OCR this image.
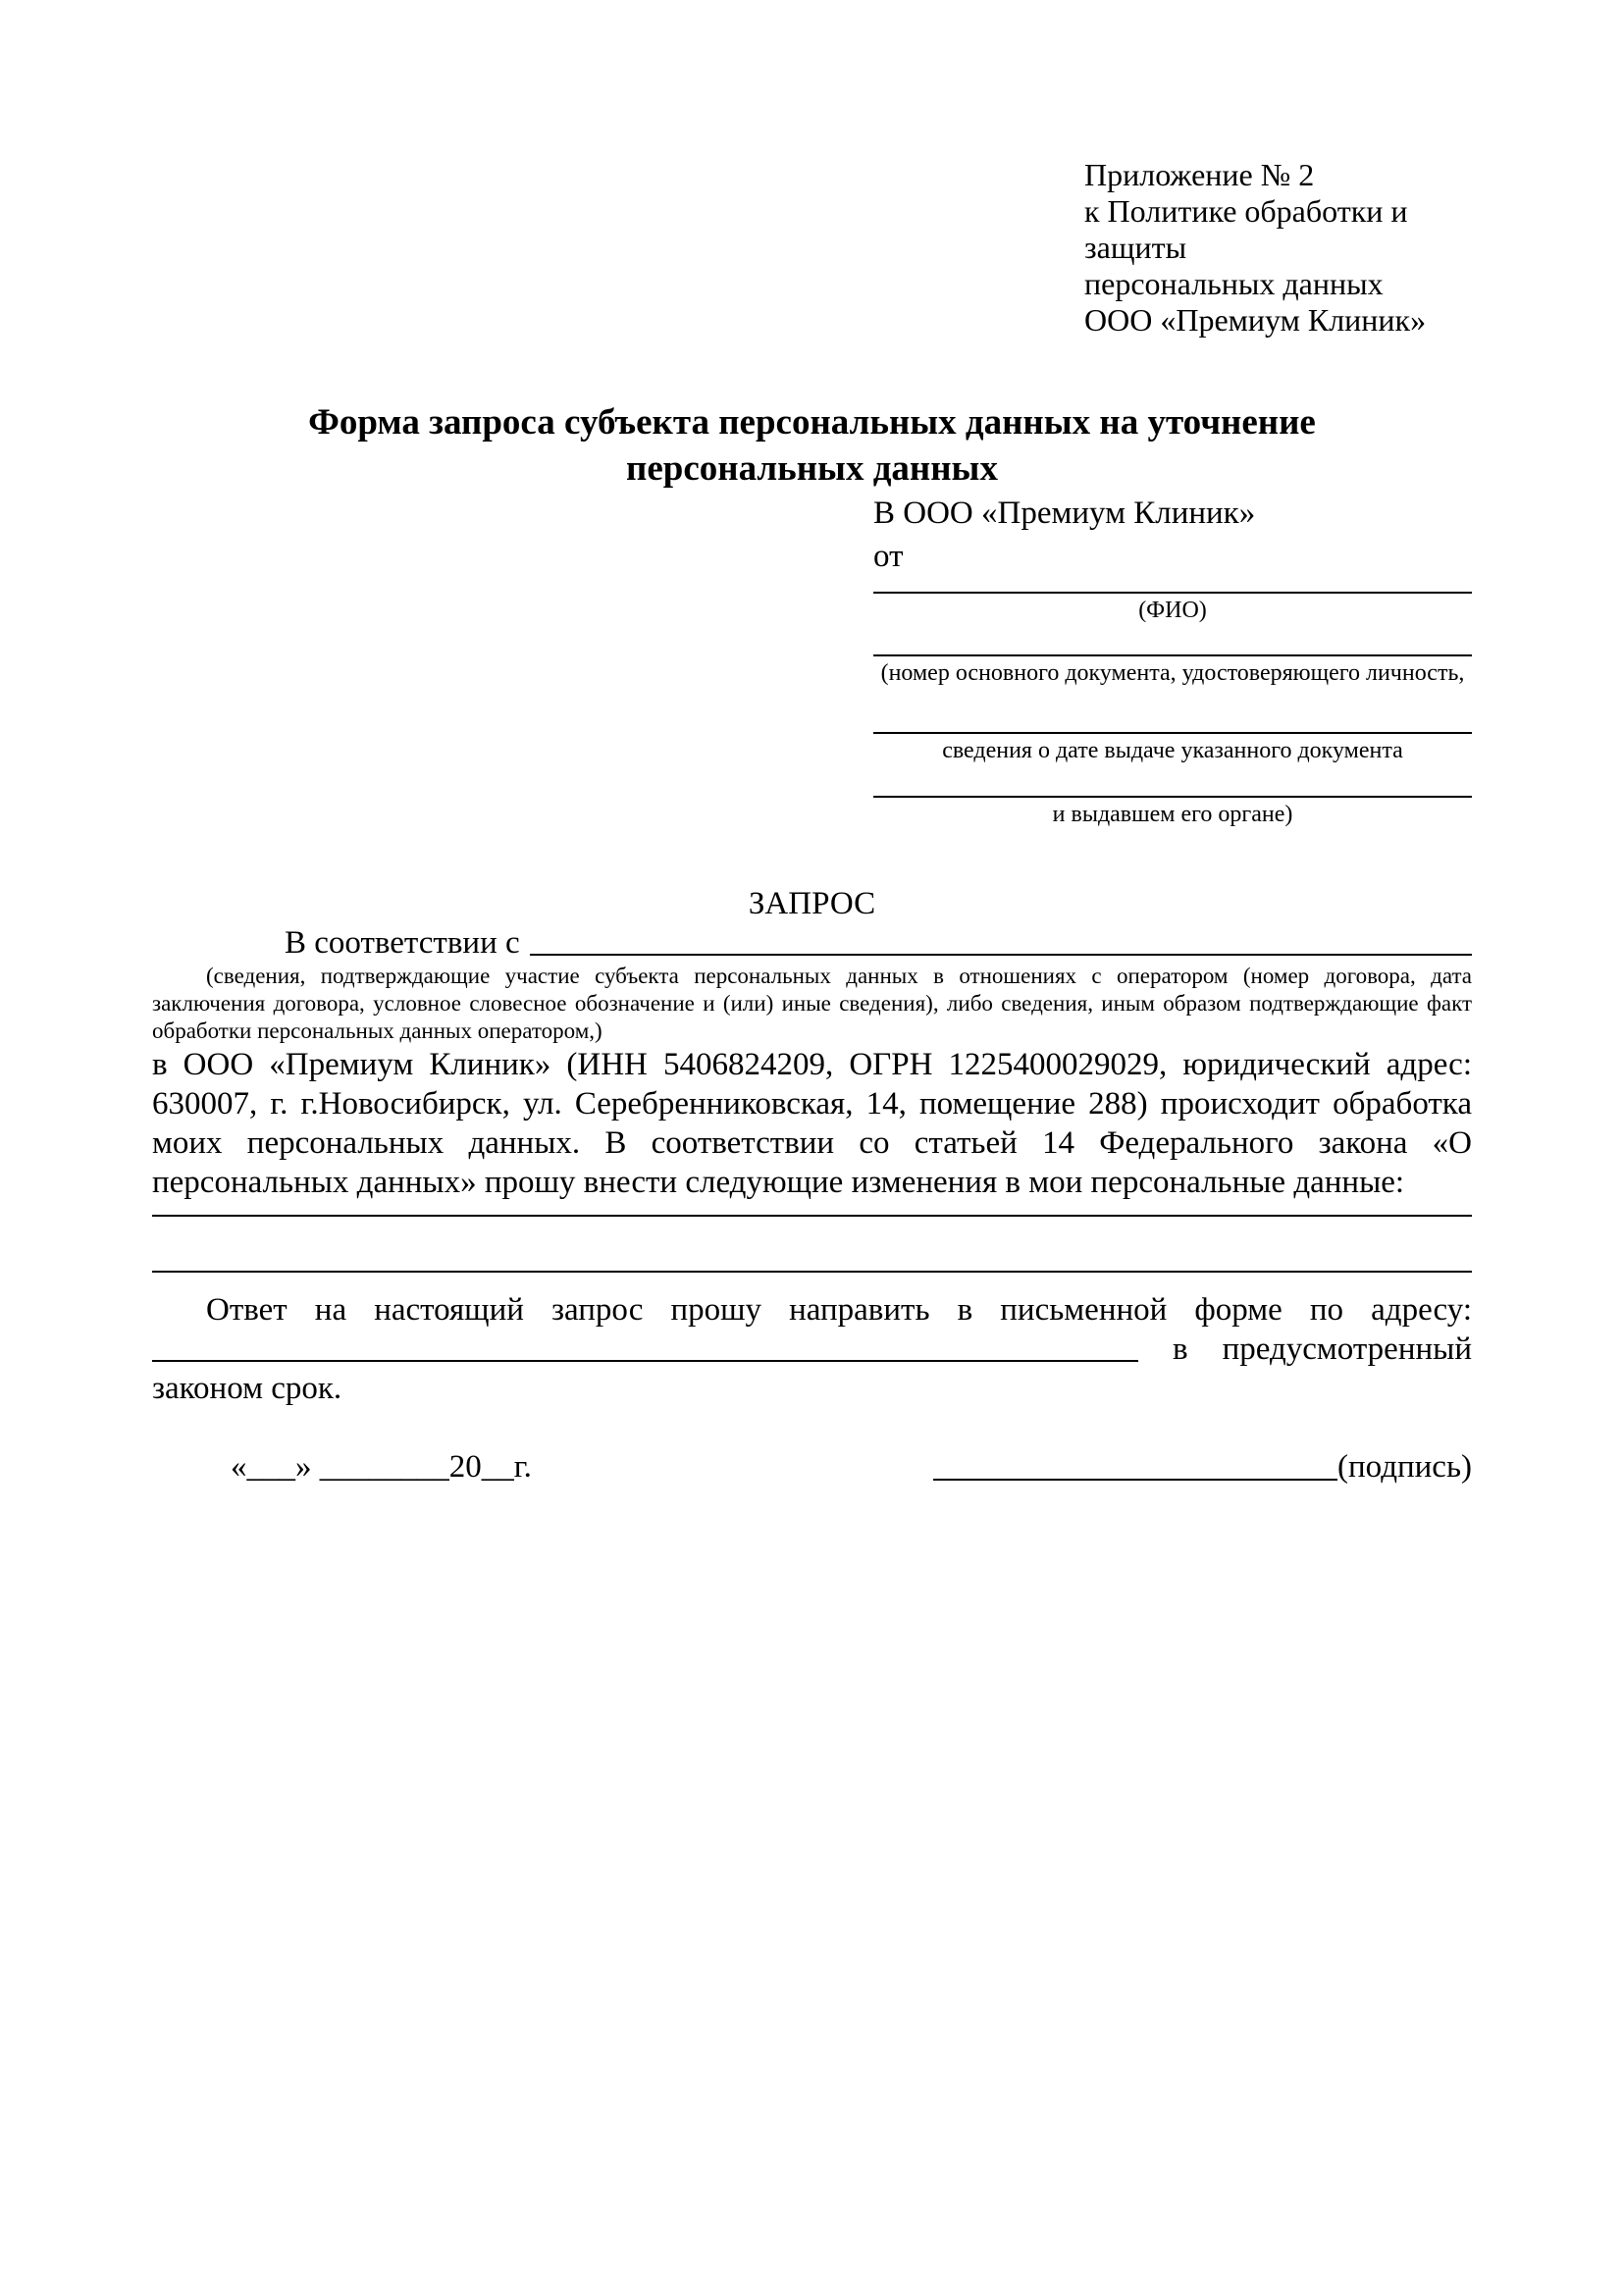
Приложение № 2

к Политике обработки и защиты

персональных данных

ООО «Премиум Клиник»

Форма запроса субъекта персональных данных на уточнение

персональных данных

В ООО «Премиум Клиник»

от

(ФИО)
(номер основного документа, удостоверяющего личность,
сведения о дате выдаче указанного документа
и выдавшем его органе)

ЗАПРОС

В соответствии с

(сведения, подтверждающие участие субъекта персональных данных в отношениях с оператором (номер договора, дата заключения договора, условное словесное обозначение и (или) иные сведения), либо сведения, иным образом подтверждающие факт обработки персональных данных оператором,)

в ООО «Премиум Клиник» (ИНН 5406824209, ОГРН 1225400029029, юридический адрес: 630007, г. г.Новосибирск, ул. Серебренниковская, 14, помещение 288) происходит обработка моих персональных данных. В соответствии со статьей 14 Федерального закона «О персональных данных» прошу внести следующие изменения в мои персональные данные:

Ответ на настоящий запрос прошу направить в письменной форме по адресу:

в предусмотренный

законом срок.

«___» ________20__г.	(подпись)
